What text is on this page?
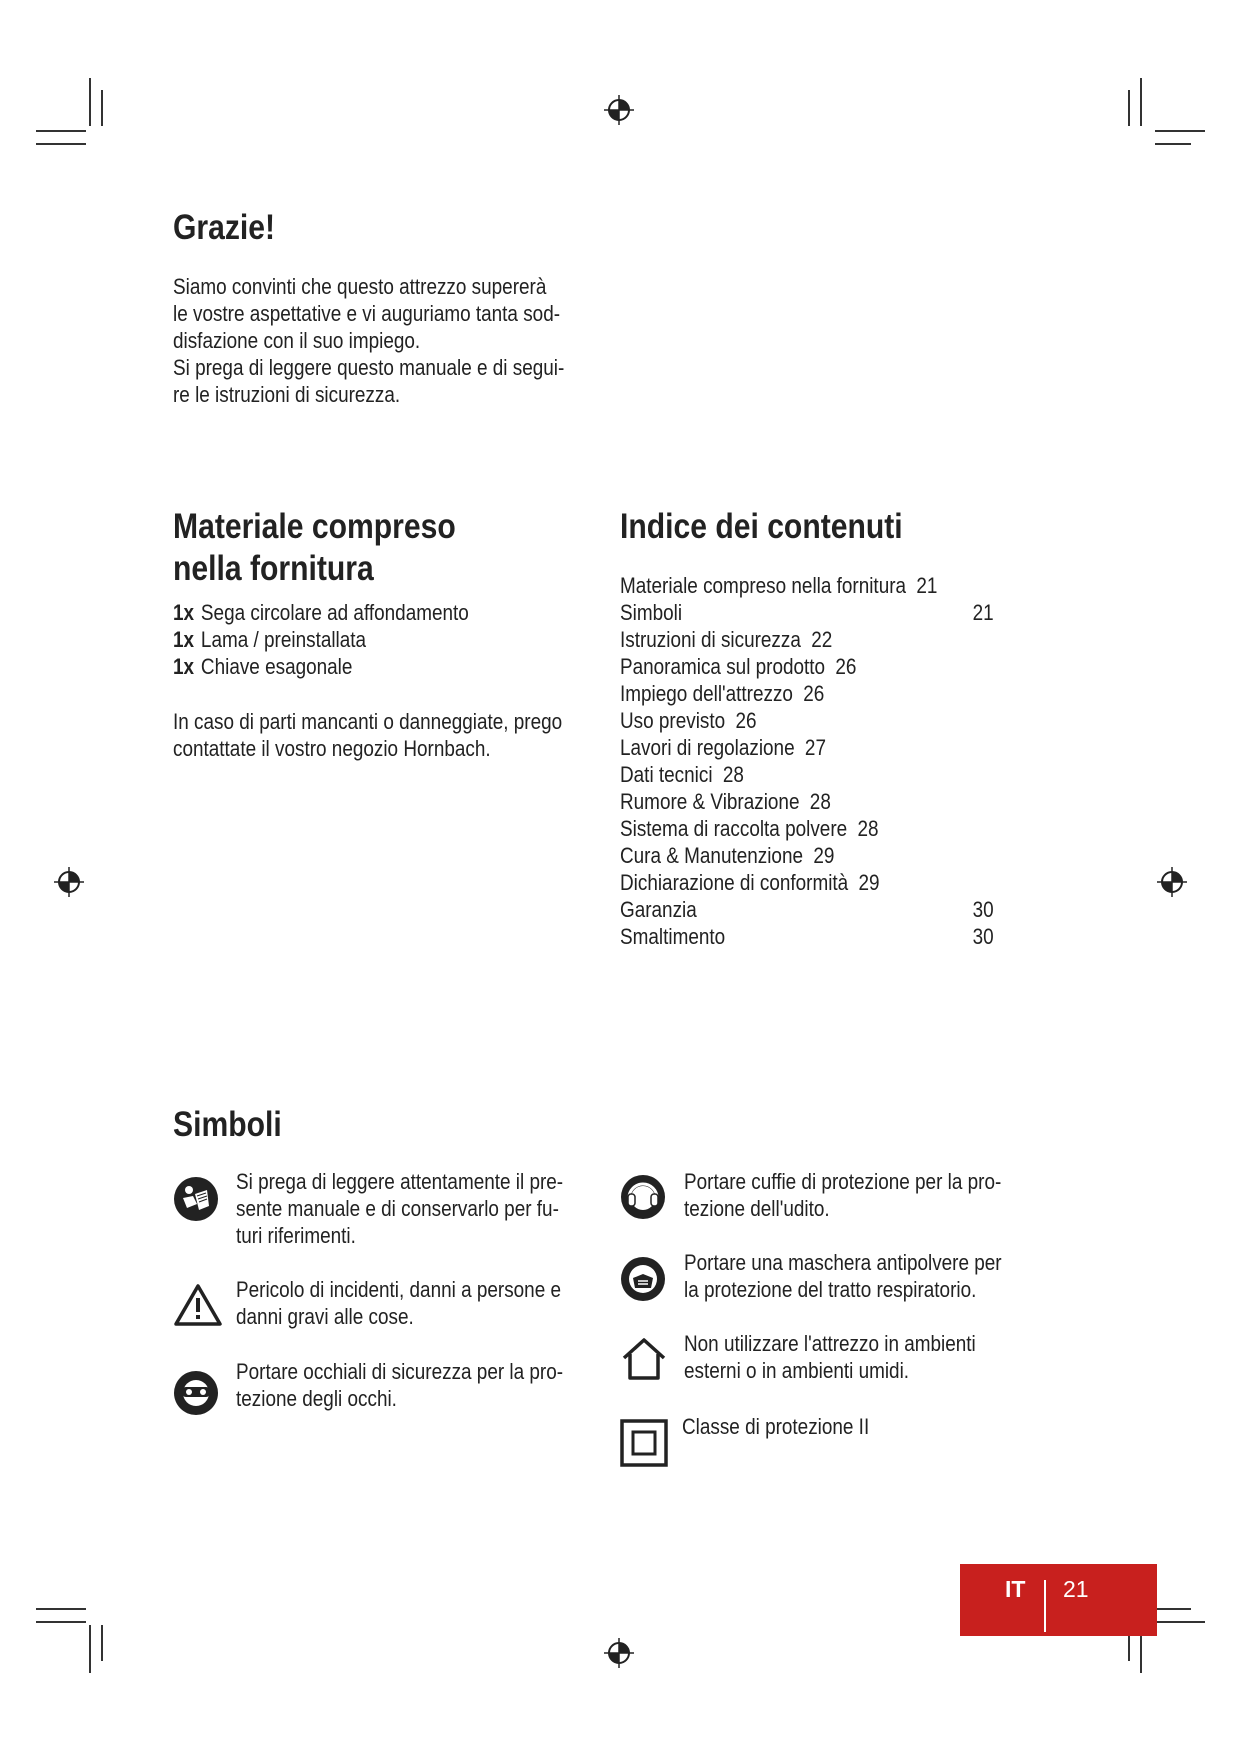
Grazie!
Siamo convinti che questo attrezzo supererà
le vostre aspettative e vi auguriamo tanta sod-
disfazione con il suo impiego.
Si prega di leggere questo manuale e di segui-
re le istruzioni di sicurezza.
Materiale compreso
nella fornitura
1x Sega circolare ad affondamento
1x Lama / preinstallata
1x Chiave esagonale
In caso di parti mancanti o danneggiate, prego
contattate il vostro negozio Hornbach.
Indice dei contenuti
Materiale compreso nella fornitura 21
Simboli	21
Istruzioni di sicurezza 22
Panoramica sul prodotto 26
Impiego dell'attrezzo 26
Uso previsto 26
Lavori di regolazione 27
Dati tecnici 28
Rumore & Vibrazione 28
Sistema di raccolta polvere 28
Cura & Manutenzione 29
Dichiarazione di conformità 29
Garanzia	30
Smaltimento	30
Simboli
Si prega di leggere attentamente il pre-
sente manuale e di conservarlo per fu-
turi riferimenti.
Pericolo di incidenti, danni a persone e
danni gravi alle cose.
Portare occhiali di sicurezza per la pro-
tezione degli occhi.
Portare cuffie di protezione per la pro-
tezione dell'udito.
Portare una maschera antipolvere per
la protezione del tratto respiratorio.
Non utilizzare l'attrezzo in ambienti
esterni o in ambienti umidi.
Classe di protezione II
IT 21
